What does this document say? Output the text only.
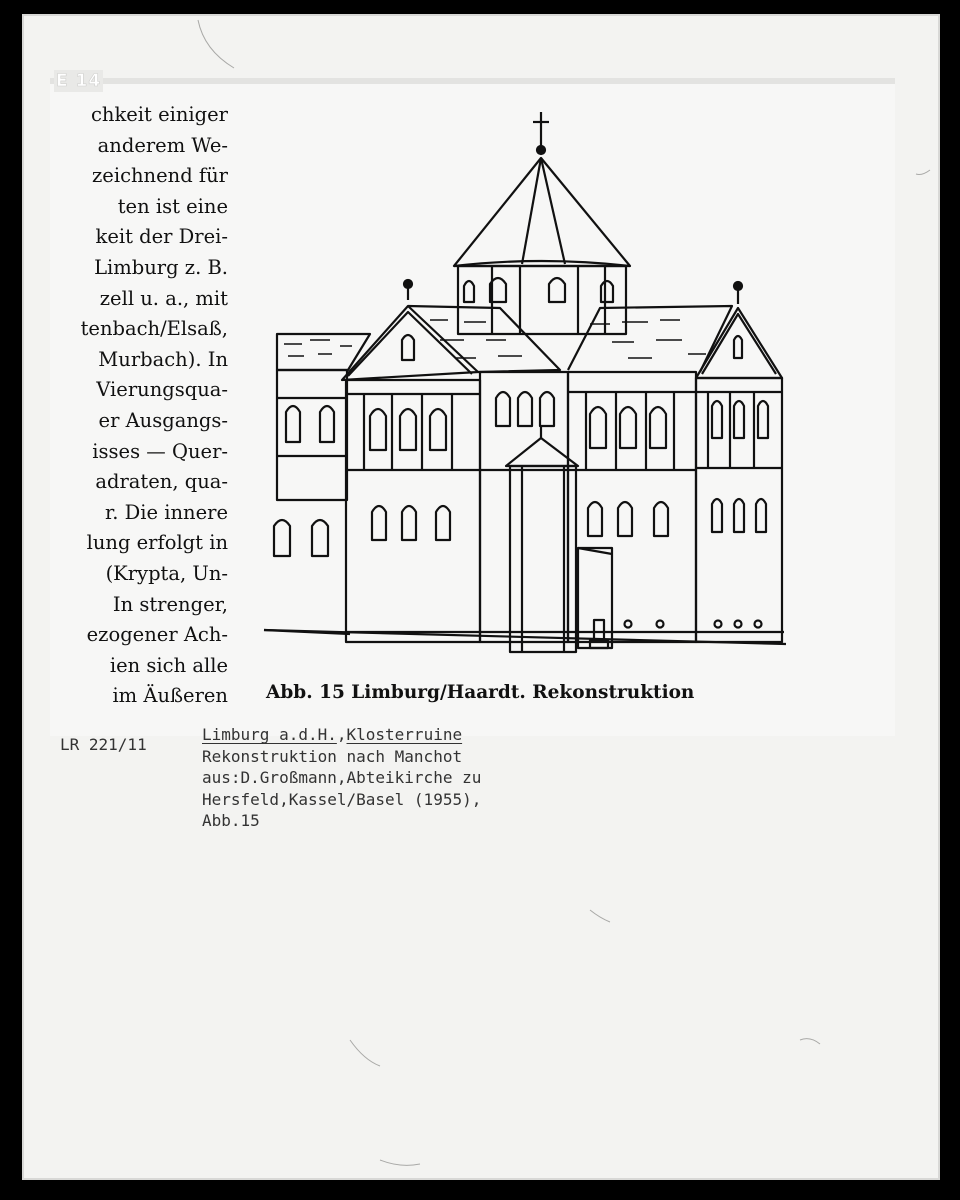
E 14
chkeit einiger
anderem We-
zeichnend für
ten ist eine
keit der Drei-
Limburg z. B.
zell u. a., mit
tenbach/Elsaß,
Murbach). In
Vierungsqua-
er Ausgangs-
isses — Quer-
adraten, qua-
r. Die innere
lung erfolgt in
(Krypta, Un-
In strenger,
ezogener Ach-
ien sich alle
im Äußeren Abb. 15 Limburg/Haardt. Rekonstruktion
LR 221/11
Limburg a.d.H.,Klosterruine
Rekonstruktion nach Manchot
aus:D.Großmann,Abteikirche zu
Hersfeld,Kassel/Basel (1955),
Abb.15
